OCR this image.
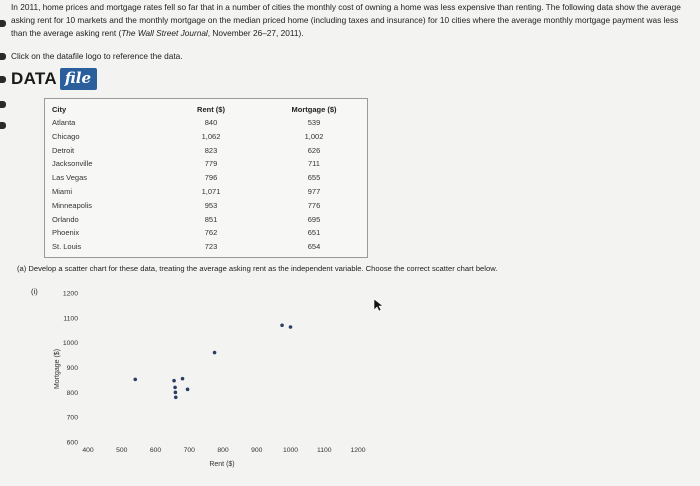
In 2011, home prices and mortgage rates fell so far that in a number of cities the monthly cost of owning a home was less expensive than renting. The following data show the average asking rent for 10 markets and the monthly mortgage on the median priced home (including taxes and insurance) for 10 cities where the average monthly mortgage payment was less than the average asking rent (The Wall Street Journal, November 26–27, 2011).
Click on the datafile logo to reference the data.
DATA file
City	Rent ($)	Mortgage ($)
Atlanta	840	539
Chicago	1,062	1,002
Detroit	823	626
Jacksonville	779	711
Las Vegas	796	655
Miami	1,071	977
Minneapolis	953	776
Orlando	851	695
Phoenix	762	651
St. Louis	723	654
(a) Develop a scatter chart for these data, treating the average asking rent as the independent variable. Choose the correct scatter chart below.
(i)
600
700
800
900
1000
1100
1200
400	500	600	700	800	900	1000	1100	1200
Rent ($)
Mortgage ($)
